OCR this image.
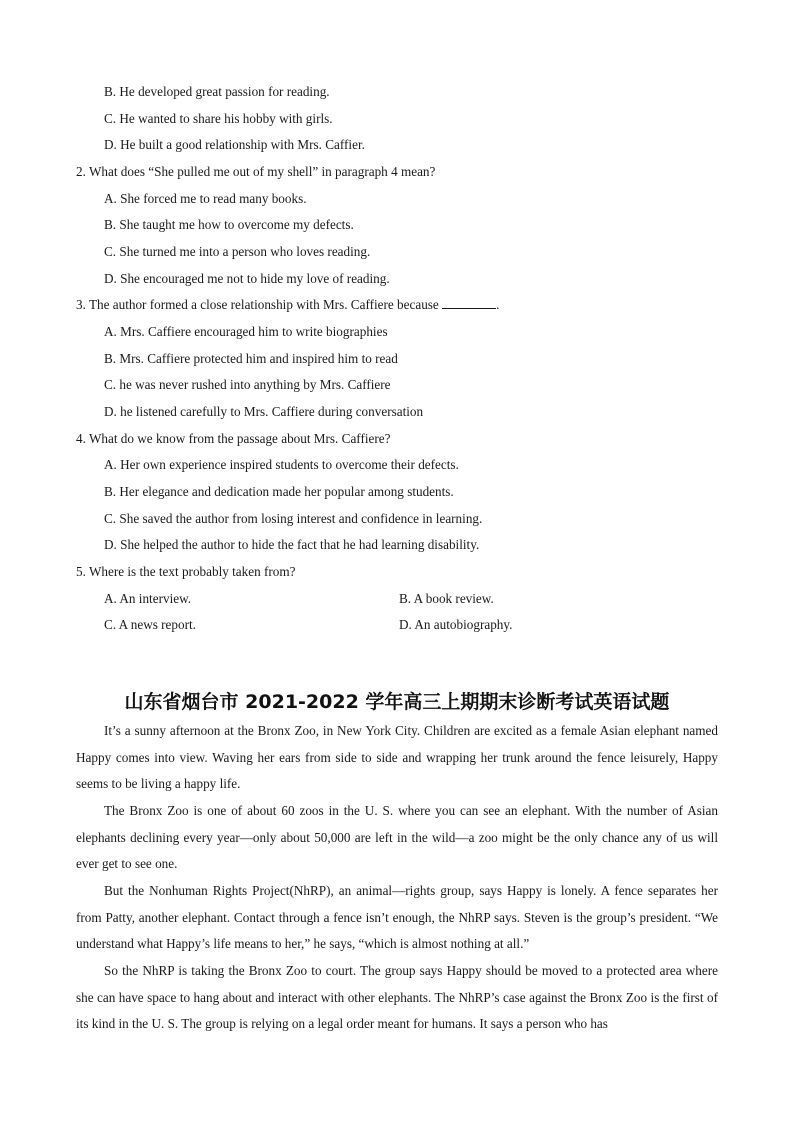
B. He developed great passion for reading.
C. He wanted to share his hobby with girls.
D. He built a good relationship with Mrs. Caffier.
2. What does “She pulled me out of my shell” in paragraph 4 mean?
A. She forced me to read many books.
B. She taught me how to overcome my defects.
C. She turned me into a person who loves reading.
D. She encouraged me not to hide my love of reading.
3. The author formed a close relationship with Mrs. Caffiere because	.
A. Mrs. Caffiere encouraged him to write biographies
B. Mrs. Caffiere protected him and inspired him to read
C. he was never rushed into anything by Mrs. Caffiere
D. he listened carefully to Mrs. Caffiere during conversation
4. What do we know from the passage about Mrs. Caffiere?
A. Her own experience inspired students to overcome their defects.
B. Her elegance and dedication made her popular among students.
C. She saved the author from losing interest and confidence in learning.
D. She helped the author to hide the fact that he had learning disability.
5. Where is the text probably taken from?
A. An interview.	B. A book review.
C. A news report.	D. An autobiography.
山东省烟台市 2021-2022 学年高三上期期末诊断考试英语试题
It’s a sunny afternoon at the Bronx Zoo, in New York City. Children are excited as a female Asian elephant named Happy comes into view. Waving her ears from side to side and wrapping her trunk around the fence leisurely, Happy seems to be living a happy life.
The Bronx Zoo is one of about 60 zoos in the U. S. where you can see an elephant. With the number of Asian elephants declining every year—only about 50,000 are left in the wild—a zoo might be the only chance any of us will ever get to see one.
But the Nonhuman Rights Project(NhRP), an animal—rights group, says Happy is lonely. A fence separates her from Patty, another elephant. Contact through a fence isn’t enough, the NhRP says. Steven is the group’s president. “We understand what Happy’s life means to her,” he says, “which is almost nothing at all.”
So the NhRP is taking the Bronx Zoo to court. The group says Happy should be moved to a protected area where she can have space to hang about and interact with other elephants. The NhRP’s case against the Bronx Zoo is the first of its kind in the U. S. The group is relying on a legal order meant for humans. It says a person who has
